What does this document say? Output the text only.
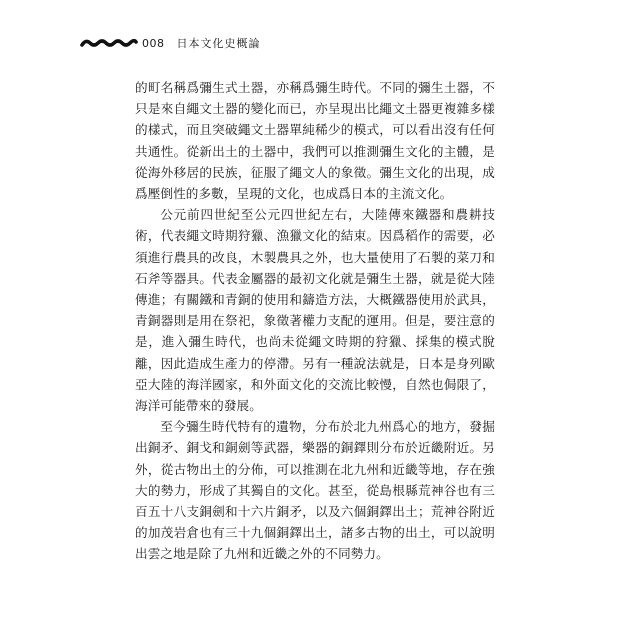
008 日本文化史概論

的町名稱爲彌生式土器，亦稱爲彌生時代。不同的彌生土器，不只是來自繩文土器的變化而已，亦呈現出比繩文土器更複雜多樣的樣式，而且突破繩文土器單純稀少的模式，可以看出沒有任何共通性。從新出土的土器中，我們可以推測彌生文化的主體，是從海外移居的民族，征服了繩文人的象徵。彌生文化的出現，成爲壓倒性的多數，呈現的文化，也成爲日本的主流文化。

公元前四世紀至公元四世紀左右，大陸傳來鐵器和農耕技術，代表繩文時期狩獵、漁獵文化的結束。因爲稻作的需要，必須進行農具的改良，木製農具之外，也大量使用了石製的菜刀和石斧等器具。代表金屬器的最初文化就是彌生土器，就是從大陸傳進；有關鐵和青銅的使用和鑄造方法，大概鐵器使用於武具，青銅器則是用在祭祀，象徵著權力支配的運用。但是，要注意的是，進入彌生時代，也尚未從繩文時期的狩獵、採集的模式脫離，因此造成生產力的停滯。另有一種說法就是，日本是身列歐亞大陸的海洋國家，和外面文化的交流比較慢，自然也侷限了，海洋可能帶來的發展。

至今彌生時代特有的遺物，分布於北九州爲心的地方，發掘出銅矛、銅戈和銅劍等武器，樂器的銅鐸則分布於近畿附近。另外，從古物出土的分佈，可以推測在北九州和近畿等地，存在強大的勢力，形成了其獨自的文化。甚至，從島根縣荒神谷也有三百五十八支銅劍和十六片銅矛，以及六個銅鐸出土；荒神谷附近的加茂岩倉也有三十九個銅鐸出土，諸多古物的出土，可以說明出雲之地是除了九州和近畿之外的不同勢力。
